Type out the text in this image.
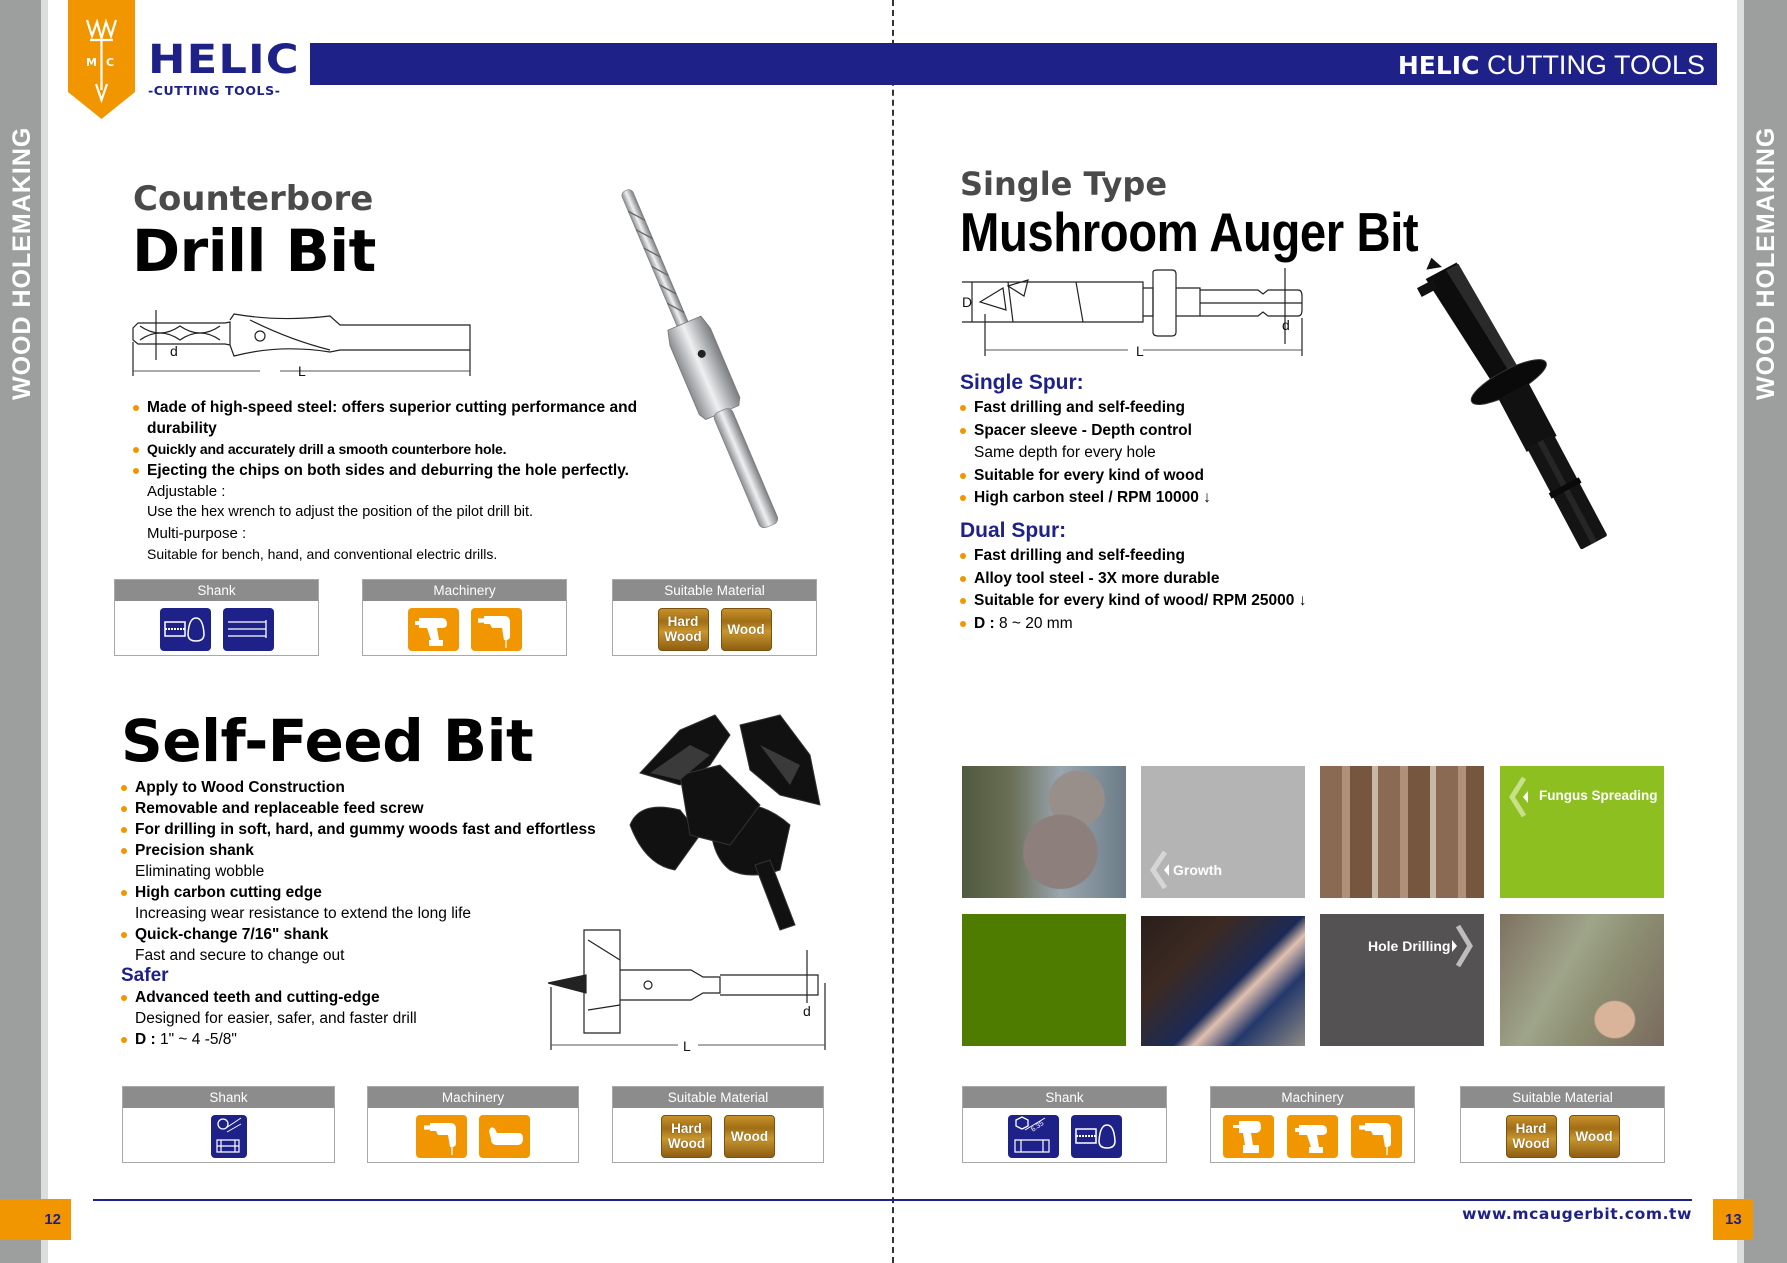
WOOD HOLEMAKING	WOOD HOLEMAKING
M C HELIC
-CUTTING TOOLS-
HELIC CUTTING TOOLS
Counterbore
Drill Bit
d
L
Made of high-speed steel: offers superior cutting performance and durability
Quickly and accurately drill a smooth counterbore hole.
Ejecting the chips on both sides and deburring the hole perfectly.
Adjustable :
Use the hex wrench to adjust the position of the pilot drill bit.
Multi-purpose :
Suitable for bench, hand, and conventional electric drills.
Shank	Machinery	Suitable Material
Hard Wood	Wood
Self-Feed Bit
Apply to Wood Construction
Removable and replaceable feed screw
For drilling in soft, hard, and gummy woods fast and effortless
Precision shank
Eliminating wobble
High carbon cutting edge
Increasing wear resistance to extend the long life
Quick-change 7/16" shank
Fast and secure to change out
Safer
Advanced teeth and cutting-edge
Designed for easier, safer, and faster drill
D : 1" ~ 4 -5/8"
d
L
Shank	Machinery	Suitable Material
Hard Wood	Wood
Single Type
Mushroom Auger Bit
D
d
L
Single Spur:
Fast drilling and self-feeding
Spacer sleeve - Depth control
Same depth for every hole
Suitable for every kind of wood
High carbon steel / RPM 10000 ↓
Dual Spur:
Fast drilling and self-feeding
Alloy tool steel - 3X more durable
Suitable for every kind of wood/ RPM 25000 ↓
D : 8 ~ 20 mm
Growth
Fungus Spreading
Hole Drilling
Shank
6.35
Machinery	Suitable Material
Hard Wood	Wood
12	www.mcaugerbit.com.tw	13
